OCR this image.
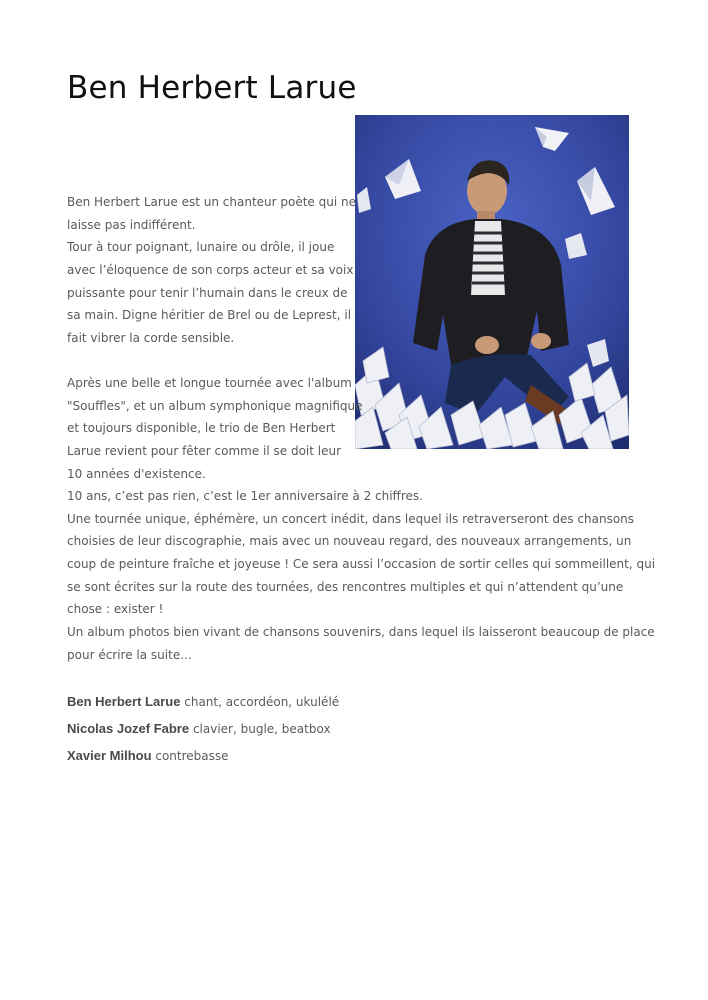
Ben Herbert Larue

Ben Herbert Larue est un chanteur poète qui ne

laisse pas indifférent.

Tour à tour poignant, lunaire ou drôle, il joue

avec l’éloquence de son corps acteur et sa voix

puissante pour tenir l’humain dans le creux de

sa main. Digne héritier de Brel ou de Leprest, il

fait vibrer la corde sensible.

Après une belle et longue tournée avec l'album

"Souffles", et un album symphonique magnifique

et toujours disponible, le trio de Ben Herbert

Larue revient pour fêter comme il se doit leur

10 années d'existence.

10 ans, c’est pas rien, c’est le 1er anniversaire à 2 chiffres.

Une tournée unique, éphémère, un concert inédit, dans lequel ils retraverseront des chansons

choisies de leur discographie, mais avec un nouveau regard, des nouveaux arrangements, un

coup de peinture fraîche et joyeuse ! Ce sera aussi l’occasion de sortir celles qui sommeillent, qui

se sont écrites sur la route des tournées, des rencontres multiples et qui n’attendent qu’une

chose : exister !

Un album photos bien vivant de chansons souvenirs, dans lequel ils laisseront beaucoup de place

pour écrire la suite...

Ben Herbert Larue chant, accordéon, ukulélé

Nicolas Jozef Fabre clavier, bugle, beatbox

Xavier Milhou contrebasse
